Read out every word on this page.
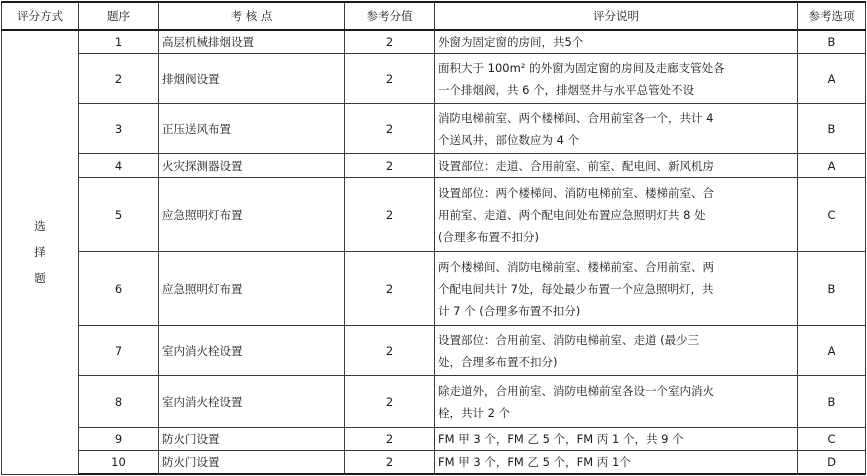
评分方式	题序	考 核 点	参考分值	评分说明	参考选项

选
择
题	1	高层机械排烟设置	2	外窗为固定窗的房间，共5个	B
	2	排烟阀设置	2	面积大于 100m² 的外窗为固定窗的房间及走廊支管处各
一个排烟阀，共 6 个，排烟竖井与水平总管处不设	A
	3	正压送风布置	2	消防电梯前室、两个楼梯间、合用前室各一个，共计 4
个送风井，部位数应为 4 个	B
	4	火灾探测器设置	2	设置部位：走道、合用前室、前室、配电间、新风机房	A
	5	应急照明灯布置	2	设置部位：两个楼梯间、消防电梯前室、楼梯前室、合
用前室、走道、两个配电间处布置应急照明灯共 8 处
(合理多布置不扣分)	C
	6	应急照明灯布置	2	两个楼梯间、消防电梯前室、楼梯前室、合用前室、两
个配电间共计 7处，每处最少布置一个应急照明灯，共
计 7 个 (合理多布置不扣分)	B
	7	室内消火栓设置	2	设置部位：合用前室、消防电梯前室、走道 (最少三
处，合理多布置不扣分)	A
	8	室内消火栓设置	2	除走道外，合用前室、消防电梯前室各设一个室内消火
栓，共计 2 个	B
	9	防火门设置	2	FM 甲 3 个，FM 乙 5 个，FM 丙 1 个，共 9 个	C
	10	防火门设置	2	FM 甲 3 个，FM 乙 5 个，FM 丙 1个	D
